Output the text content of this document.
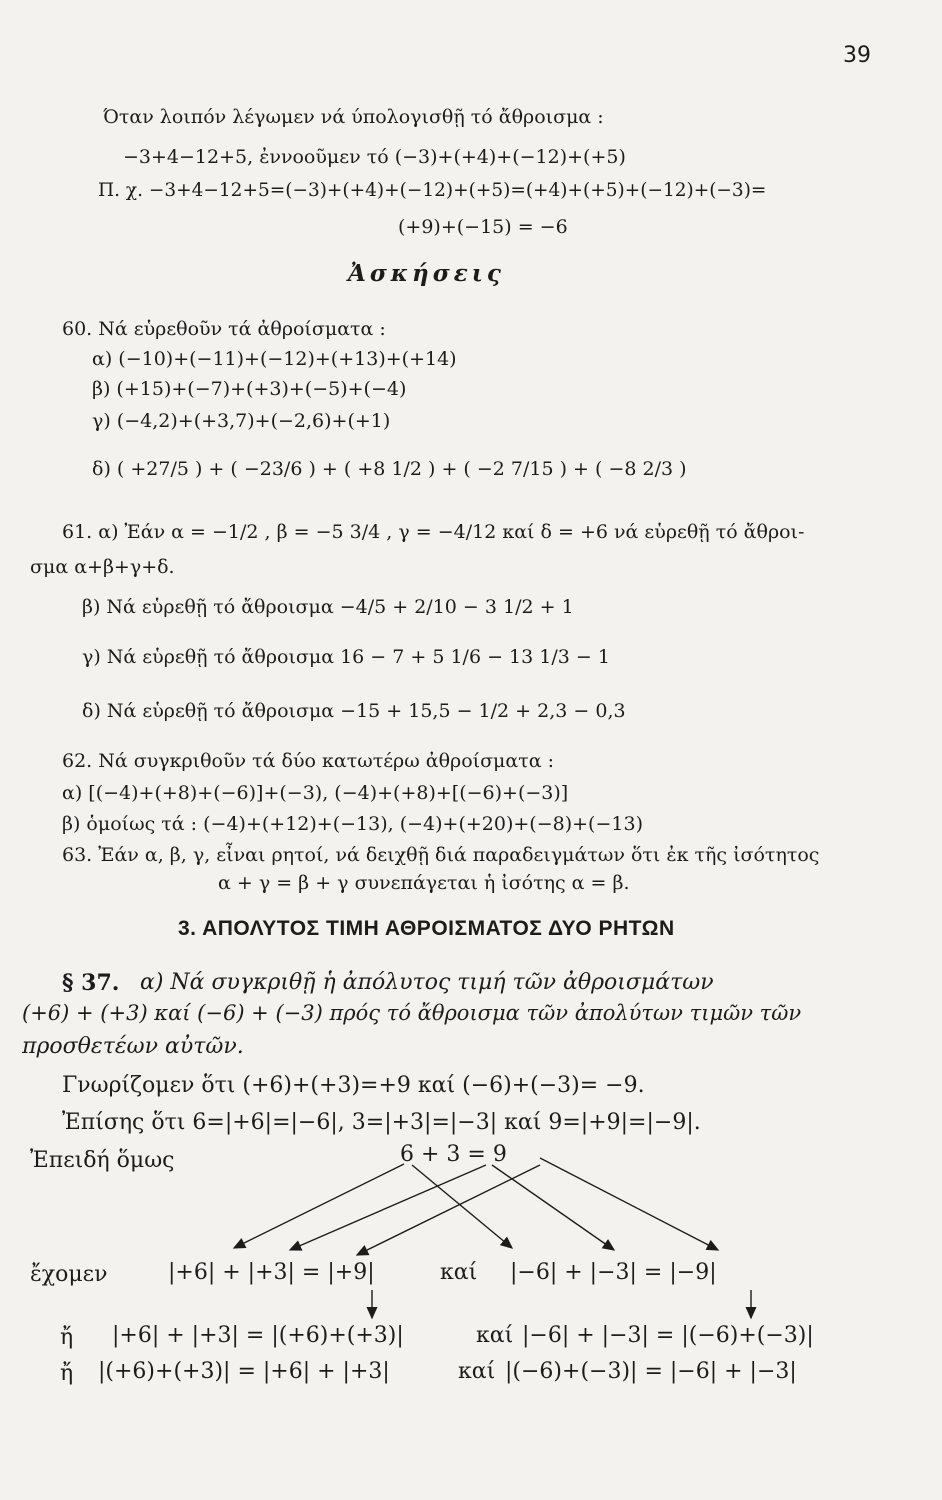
39
Όταν λοιπόν λέγωμεν νά ύπολογισθῇ τό ἄθροισμα :
−3+4−12+5, ἐννοοῦμεν τό (−3)+(+4)+(−12)+(+5)
Π. χ. −3+4−12+5=(−3)+(+4)+(−12)+(+5)=(+4)+(+5)+(−12)+(−3)=
(+9)+(−15) = −6
Ἀσκήσεις
60. Νά εὑρεθοῦν τά ἀθροίσματα :
α) (−10)+(−11)+(−12)+(+13)+(+14)
β) (+15)+(−7)+(+3)+(−5)+(−4)
γ) (−4,2)+(+3,7)+(−2,6)+(+1)
δ) ( +27/5 ) + ( −23/6 ) + ( +8 1/2 ) + ( −2 7/15 ) + ( −8 2/3 )
61. α) Ἐάν α = −1/2 , β = −5 3/4 , γ = −4/12 καί δ = +6 νά εὑρεθῇ τό ἄθροι-
σμα α+β+γ+δ.
β) Νά εὑρεθῇ τό ἄθροισμα −4/5 + 2/10 − 3 1/2 + 1
γ) Νά εὑρεθῇ τό ἄθροισμα 16 − 7 + 5 1/6 − 13 1/3 − 1
δ) Νά εὑρεθῇ τό ἄθροισμα −15 + 15,5 − 1/2 + 2,3 − 0,3
62. Νά συγκριθοῦν τά δύο κατωτέρω ἀθροίσματα :
α) [(−4)+(+8)+(−6)]+(−3), (−4)+(+8)+[(−6)+(−3)]
β) ὁμοίως τά : (−4)+(+12)+(−13), (−4)+(+20)+(−8)+(−13)
63. Ἐάν α, β, γ, εἶναι ρητοί, νά δειχθῇ διά παραδειγμάτων ὅτι ἐκ τῆς ἰσότητος
α + γ = β + γ συνεπάγεται ἡ ἰσότης α = β.
3. ΑΠΟΛΥΤΟΣ ΤΙΜΗ ΑΘΡΟΙΣΜΑΤΟΣ ΔΥΟ ΡΗΤΩΝ
§ 37. α) Νά συγκριθῇ ἡ ἀπόλυτος τιμή τῶν ἀθροισμάτων
(+6) + (+3) καί (−6) + (−3) πρός τό ἄθροισμα τῶν ἀπολύτων τιμῶν τῶν
προσθετέων αὐτῶν.
Γνωρίζομεν ὅτι (+6)+(+3)=+9 καί (−6)+(−3)= −9.
Ἐπίσης ὅτι 6=|+6|=|−6|, 3=|+3|=|−3| καί 9=|+9|=|−9|.
Ἐπειδή ὅμως	6 + 3 = 9
ἔχομεν	|+6| + |+3| = |+9|	καί |−6| + |−3| = |−9|
ἤ |+6| + |+3| = |(+6)+(+3)|	καί |−6| + |−3| = |(−6)+(−3)|
ἤ |(+6)+(+3)| = |+6| + |+3|	καί |(−6)+(−3)| = |−6| + |−3|
